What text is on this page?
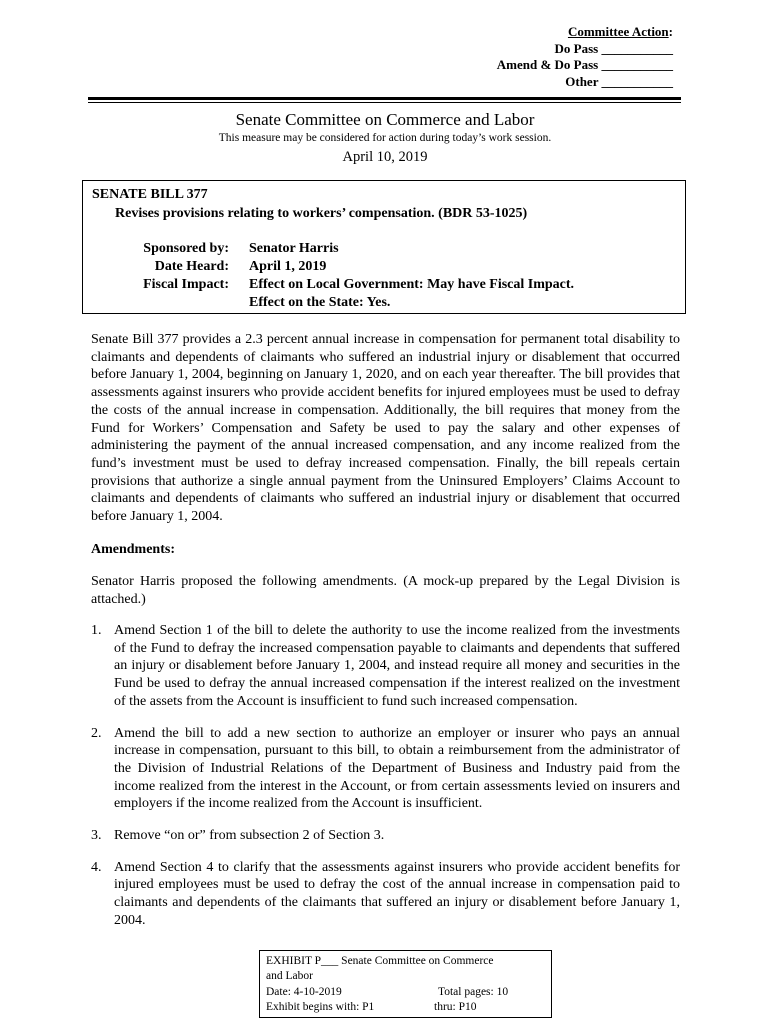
Committee Action:
Do Pass ___________
Amend & Do Pass ___________
Other ___________
Senate Committee on Commerce and Labor
This measure may be considered for action during today’s work session.
April 10, 2019
SENATE BILL 377
Revises provisions relating to workers’ compensation. (BDR 53-1025)
Sponsored by: Senator Harris
Date Heard: April 1, 2019
Fiscal Impact: Effect on Local Government: May have Fiscal Impact.
Effect on the State: Yes.
Senate Bill 377 provides a 2.3 percent annual increase in compensation for permanent total disability to claimants and dependents of claimants who suffered an industrial injury or disablement that occurred before January 1, 2004, beginning on January 1, 2020, and on each year thereafter. The bill provides that assessments against insurers who provide accident benefits for injured employees must be used to defray the costs of the annual increase in compensation. Additionally, the bill requires that money from the Fund for Workers’ Compensation and Safety be used to pay the salary and other expenses of administering the payment of the annual increased compensation, and any income realized from the fund’s investment must be used to defray increased compensation. Finally, the bill repeals certain provisions that authorize a single annual payment from the Uninsured Employers’ Claims Account to claimants and dependents of claimants who suffered an industrial injury or disablement that occurred before January 1, 2004.
Amendments:
Senator Harris proposed the following amendments. (A mock-up prepared by the Legal Division is attached.)
1. Amend Section 1 of the bill to delete the authority to use the income realized from the investments of the Fund to defray the increased compensation payable to claimants and dependents that suffered an injury or disablement before January 1, 2004, and instead require all money and securities in the Fund be used to defray the annual increased compensation if the interest realized on the investment of the assets from the Account is insufficient to fund such increased compensation.
2. Amend the bill to add a new section to authorize an employer or insurer who pays an annual increase in compensation, pursuant to this bill, to obtain a reimbursement from the administrator of the Division of Industrial Relations of the Department of Business and Industry paid from the income realized from the interest in the Account, or from certain assessments levied on insurers and employers if the income realized from the Account is insufficient.
3. Remove “on or” from subsection 2 of Section 3.
4. Amend Section 4 to clarify that the assessments against insurers who provide accident benefits for injured employees must be used to defray the cost of the annual increase in compensation paid to claimants and dependents of the claimants that suffered an injury or disablement before January 1, 2004.
EXHIBIT P___ Senate Committee on Commerce
and Labor
Date: 4-10-2019	Total pages: 10
Exhibit begins with: P1	thru: P10
